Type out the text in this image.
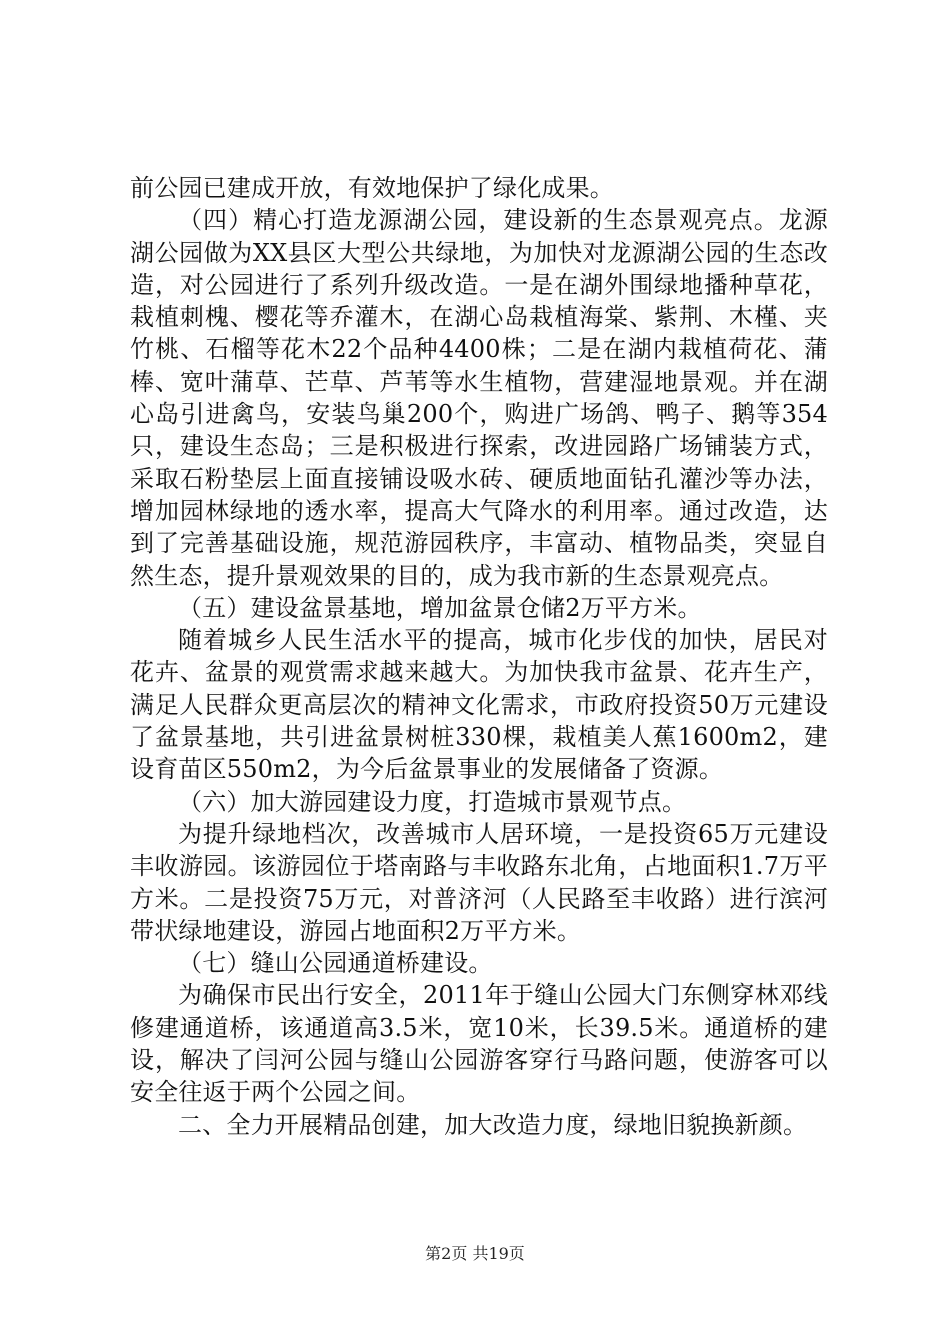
前公园已建成开放，有效地保护了绿化成果。

（四）精心打造龙源湖公园，建设新的生态景观亮点。龙源湖公园做为XX县区大型公共绿地，为加快对龙源湖公园的生态改造，对公园进行了系列升级改造。一是在湖外围绿地播种草花，栽植刺槐、樱花等乔灌木，在湖心岛栽植海棠、紫荆、木槿、夹竹桃、石榴等花木22个品种4400株；二是在湖内栽植荷花、蒲棒、宽叶蒲草、芒草、芦苇等水生植物，营建湿地景观。并在湖心岛引进禽鸟，安装鸟巢200个，购进广场鸽、鸭子、鹅等354只，建设生态岛；三是积极进行探索，改进园路广场铺装方式，采取石粉垫层上面直接铺设吸水砖、硬质地面钻孔灌沙等办法，增加园林绿地的透水率，提高大气降水的利用率。通过改造，达到了完善基础设施，规范游园秩序，丰富动、植物品类，突显自然生态，提升景观效果的目的，成为我市新的生态景观亮点。

（五）建设盆景基地，增加盆景仓储2万平方米。

随着城乡人民生活水平的提高，城市化步伐的加快，居民对花卉、盆景的观赏需求越来越大。为加快我市盆景、花卉生产，满足人民群众更高层次的精神文化需求，市政府投资50万元建设了盆景基地，共引进盆景树桩330棵，栽植美人蕉1600m2，建设育苗区550m2，为今后盆景事业的发展储备了资源。

（六）加大游园建设力度，打造城市景观节点。

为提升绿地档次，改善城市人居环境，一是投资65万元建设丰收游园。该游园位于塔南路与丰收路东北角，占地面积1.7万平方米。二是投资75万元，对普济河（人民路至丰收路）进行滨河带状绿地建设，游园占地面积2万平方米。

（七）缝山公园通道桥建设。

为确保市民出行安全，2011年于缝山公园大门东侧穿林邓线修建通道桥，该通道高3.5米，宽10米，长39.5米。通道桥的建设，解决了闫河公园与缝山公园游客穿行马路问题，使游客可以安全往返于两个公园之间。

二、全力开展精品创建，加大改造力度，绿地旧貌换新颜。

第2页 共19页
